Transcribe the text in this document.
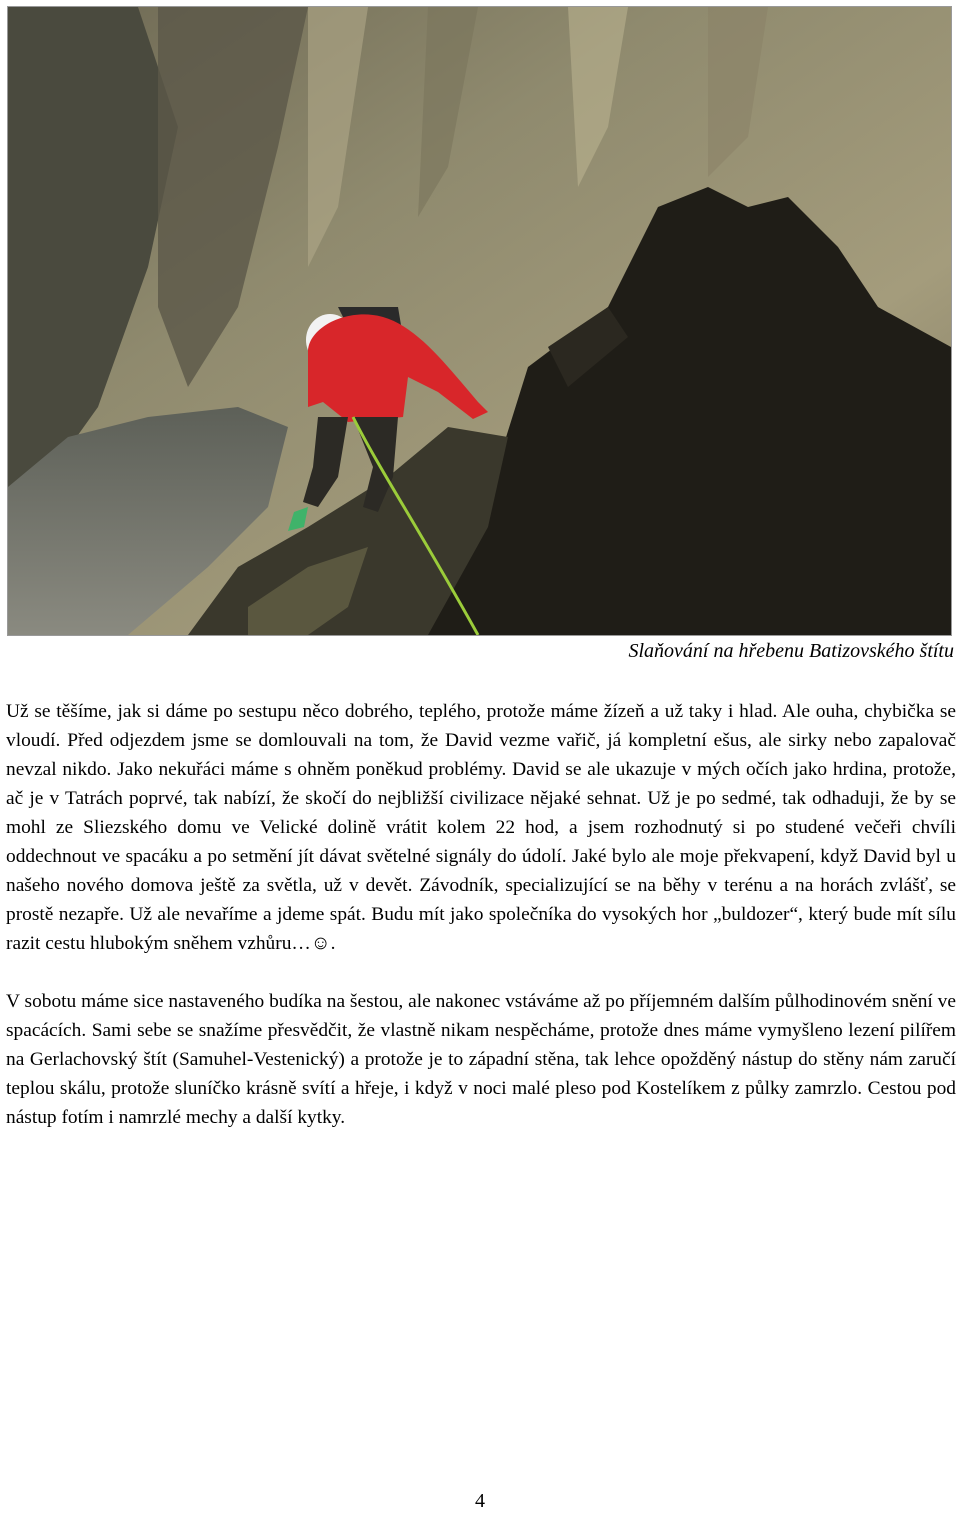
Slaňování na hřebenu Batizovského štítu

Už se těšíme, jak si dáme po sestupu něco dobrého, teplého, protože máme žízeň a už taky i hlad. Ale ouha, chybička se vloudí. Před odjezdem jsme se domlouvali na tom, že David vezme vařič, já kompletní ešus, ale sirky nebo zapalovač nevzal nikdo. Jako nekuřáci máme s ohněm poněkud problémy. David se ale ukazuje v mých očích jako hrdina, protože, ač je v Tatrách poprvé, tak nabízí, že skočí do nejbližší civilizace nějaké sehnat. Už je po sedmé, tak odhaduji, že by se mohl ze Sliezského domu ve Velické dolině vrátit kolem 22 hod, a jsem rozhodnutý si po studené večeři chvíli oddechnout ve spacáku a po setmění jít dávat světelné signály do údolí. Jaké bylo ale moje překvapení, když David byl u našeho nového domova ještě za světla, už v devět. Závodník, specializující se na běhy v terénu a na horách zvlášť, se prostě nezapře. Už ale nevaříme a jdeme spát. Budu mít jako společníka do vysokých hor „buldozer“, který bude mít sílu razit cestu hlubokým sněhem vzhůru…☺.

V sobotu máme sice nastaveného budíka na šestou, ale nakonec vstáváme až po příjemném dalším půlhodinovém snění ve spacácích. Sami sebe se snažíme přesvědčit, že vlastně nikam nespěcháme, protože dnes máme vymyšleno lezení pilířem na Gerlachovský štít (Samuhel-Vestenický) a protože je to západní stěna, tak lehce opožděný nástup do stěny nám zaručí teplou skálu, protože sluníčko krásně svítí a hřeje, i když v noci malé pleso pod Kostelíkem z půlky zamrzlo. Cestou pod nástup fotím i namrzlé mechy a další kytky.

4
